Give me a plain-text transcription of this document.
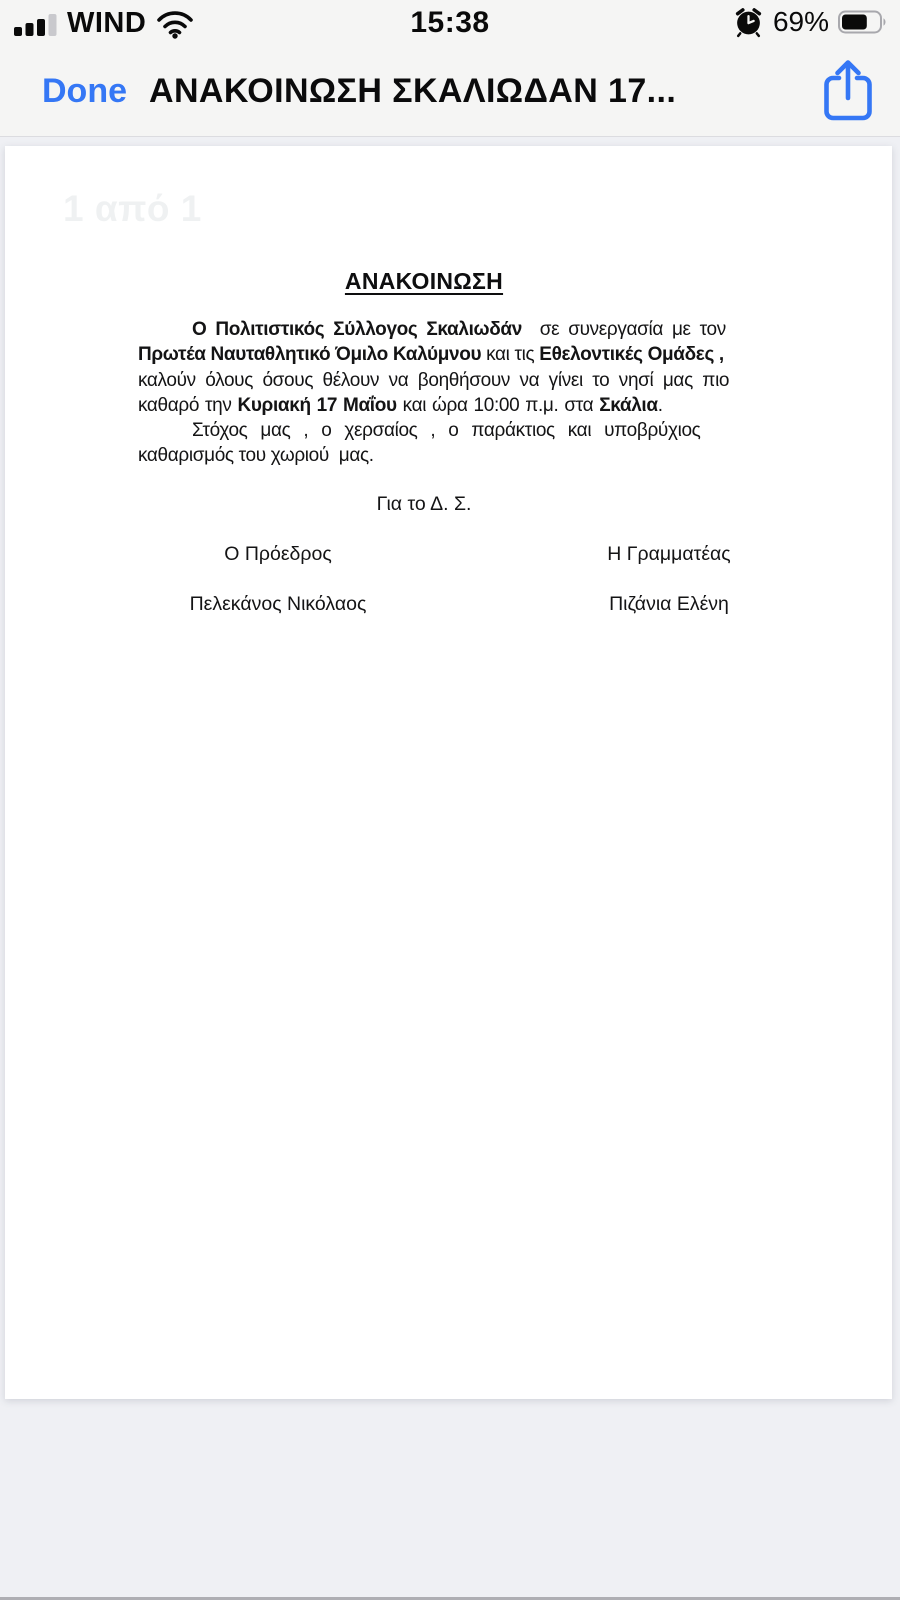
WIND	15:38	69%
Done ΑΝΑΚΟΙΝΩΣΗ ΣΚΑΛΙΩΔΑΝ 17...
1 από 1
ΑΝΑΚΟΙΝΩΣΗ
Ο Πολιτιστικός Σύλλογος Σκαλιωδάν  σε συνεργασία με τον
Πρωτέα Ναυταθλητικό Όμιλο Καλύμνου και τις Εθελοντικές Ομάδες ,
καλούν όλους όσους θέλουν να βοηθήσουν να γίνει το νησί μας πιο
καθαρό την Κυριακή 17 Μαΐου και ώρα 10:00 π.μ. στα Σκάλια.
Στόχος μας , ο χερσαίος , ο παράκτιος και υποβρύχιος
καθαρισμός του χωριού  μας.
Για το Δ. Σ.
Ο Πρόεδρος	Η Γραμματέας
Πελεκάνος Νικόλαος	Πιζάνια Ελένη
